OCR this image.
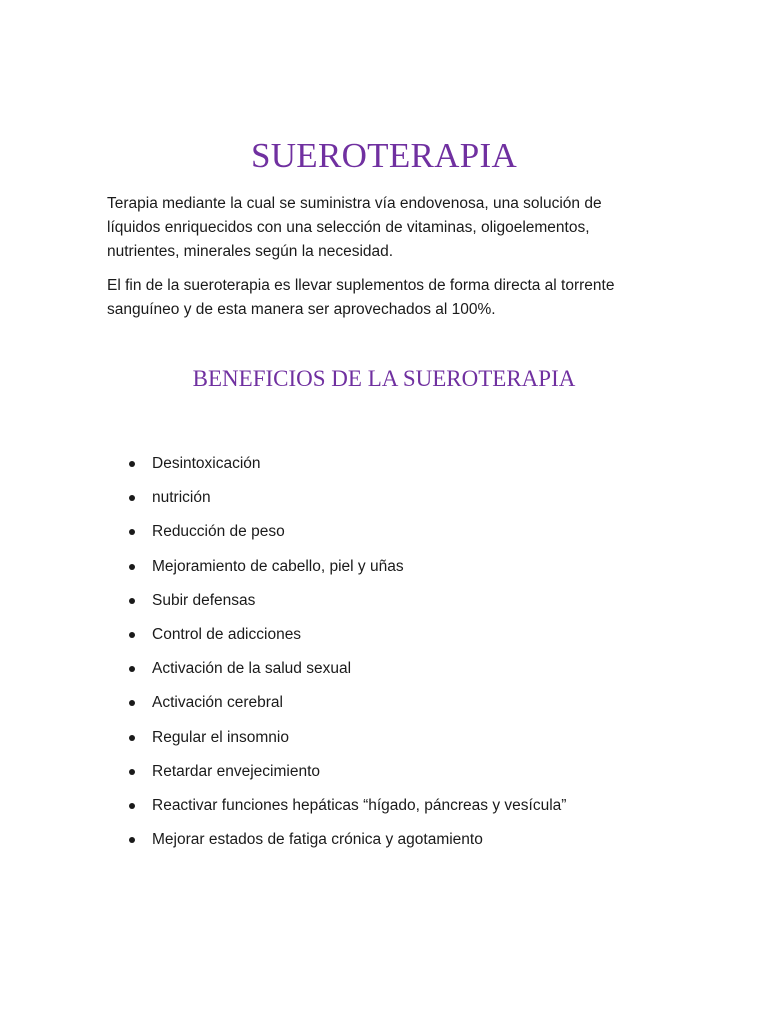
SUEROTERAPIA

Terapia mediante la cual se suministra vía endovenosa, una solución de líquidos enriquecidos con una selección de vitaminas, oligoelementos, nutrientes, minerales según la necesidad.

El fin de la sueroterapia es llevar suplementos de forma directa al torrente sanguíneo y de esta manera ser aprovechados al 100%.

BENEFICIOS DE LA SUEROTERAPIA
Desintoxicación
nutrición
Reducción de peso
Mejoramiento de cabello, piel y uñas
Subir defensas
Control de adicciones
Activación de la salud sexual
Activación cerebral
Regular el insomnio
Retardar envejecimiento
Reactivar funciones hepáticas “hígado, páncreas y vesícula”
Mejorar estados de fatiga crónica y agotamiento
